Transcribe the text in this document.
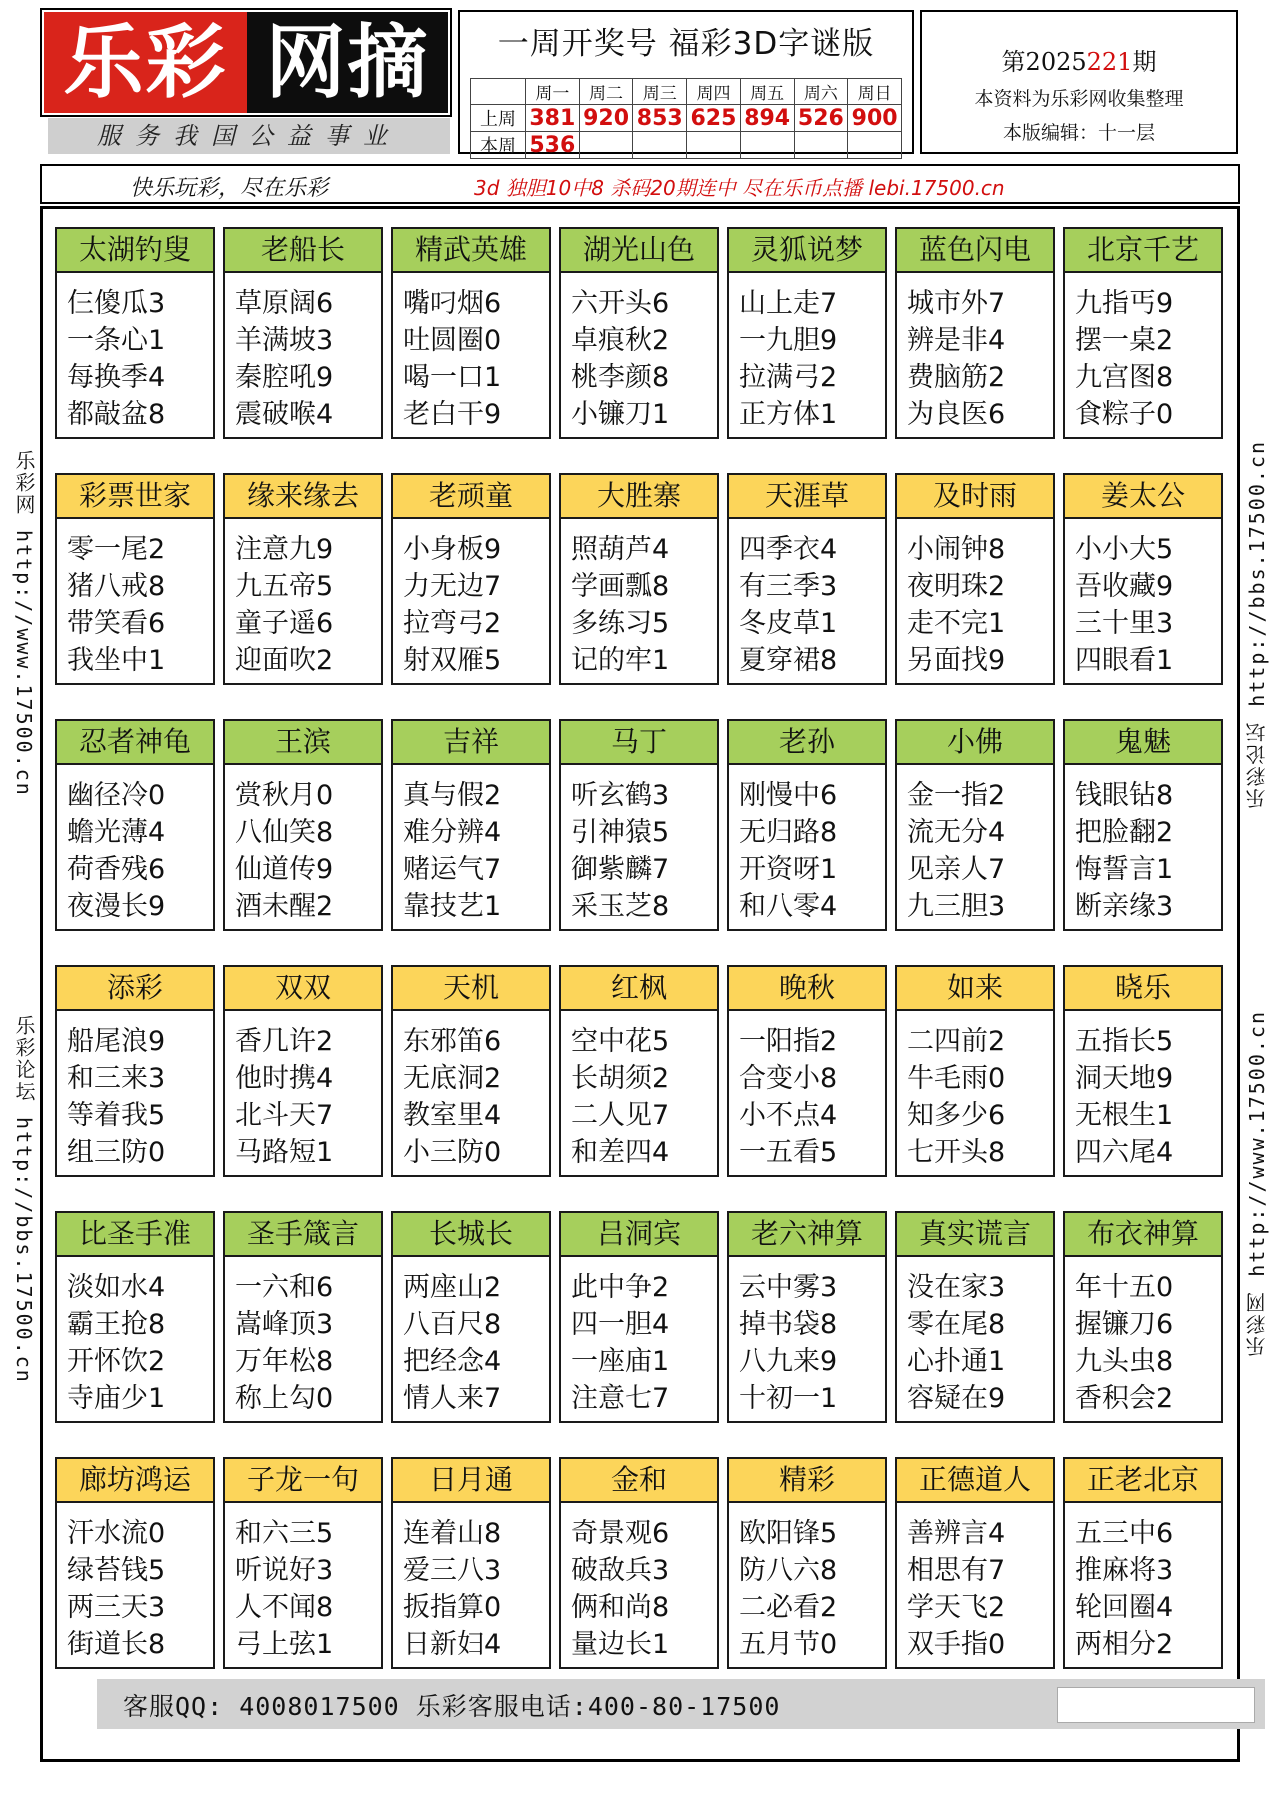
乐彩 网摘
服务我国公益事业
一周开奖号 福彩3D字谜版
	周一	周二	周三	周四	周五	周六	周日
上周	381	920	853	625	894	526	900
本周	536						
第2025221期
本资料为乐彩网收集整理
本版编辑：十一层
快乐玩彩，尽在乐彩	3d 独胆10中8 杀码20期连中 尽在乐币点播 lebi.17500.cn
乐彩网 http://www.17500.cn
乐彩论坛 http://bbs.17500.cn
乐彩论坛 http://bbs.17500.cn
乐彩网 http://www.17500.cn
太湖钓叟
仨傻瓜3
一条心1
每换季4
都敲盆8
老船长
草原阔6
羊满坡3
秦腔吼9
震破喉4
精武英雄
嘴叼烟6
吐圆圈0
喝一口1
老白干9
湖光山色
六开头6
卓痕秋2
桃李颜8
小镰刀1
灵狐说梦
山上走7
一九胆9
拉满弓2
正方体1
蓝色闪电
城市外7
辨是非4
费脑筋2
为良医6
北京千艺
九指丐9
摆一桌2
九宫图8
食粽子0
彩票世家
零一尾2
猪八戒8
带笑看6
我坐中1
缘来缘去
注意九9
九五帝5
童子遥6
迎面吹2
老顽童
小身板9
力无边7
拉弯弓2
射双雁5
大胜寨
照葫芦4
学画瓢8
多练习5
记的牢1
天涯草
四季衣4
有三季3
冬皮草1
夏穿裙8
及时雨
小闹钟8
夜明珠2
走不完1
另面找9
姜太公
小小大5
吾收藏9
三十里3
四眼看1
忍者神龟
幽径冷0
蟾光薄4
荷香残6
夜漫长9
王滨
赏秋月0
八仙笑8
仙道传9
酒未醒2
吉祥
真与假2
难分辨4
赌运气7
靠技艺1
马丁
听玄鹤3
引神猿5
御紫麟7
采玉芝8
老孙
刚慢中6
无归路8
开资呀1
和八零4
小佛
金一指2
流无分4
见亲人7
九三胆3
鬼魅
钱眼钻8
把脸翻2
悔誓言1
断亲缘3
添彩
船尾浪9
和三来3
等着我5
组三防0
双双
香几许2
他时携4
北斗天7
马路短1
天机
东邪笛6
无底洞2
教室里4
小三防0
红枫
空中花5
长胡须2
二人见7
和差四4
晚秋
一阳指2
合变小8
小不点4
一五看5
如来
二四前2
牛毛雨0
知多少6
七开头8
晓乐
五指长5
洞天地9
无根生1
四六尾4
比圣手准
淡如水4
霸王抢8
开怀饮2
寺庙少1
圣手箴言
一六和6
嵩峰顶3
万年松8
称上勾0
长城长
两座山2
八百尺8
把经念4
情人来7
吕洞宾
此中争2
四一胆4
一座庙1
注意七7
老六神算
云中雾3
掉书袋8
八九来9
十初一1
真实谎言
没在家3
零在尾8
心扑通1
容疑在9
布衣神算
年十五0
握镰刀6
九头虫8
香积会2
廊坊鸿运
汗水流0
绿苔钱5
两三天3
街道长8
子龙一句
和六三5
听说好3
人不闻8
弓上弦1
日月通
连着山8
爱三八3
扳指算0
日新妇4
金和
奇景观6
破敌兵3
俩和尚8
量边长1
精彩
欧阳锋5
防八六8
二必看2
五月节0
正德道人
善辨言4
相思有7
学天飞2
双手指0
正老北京
五三中6
推麻将3
轮回圈4
两相分2
客服QQ: 4008017500 乐彩客服电话:400-80-17500
